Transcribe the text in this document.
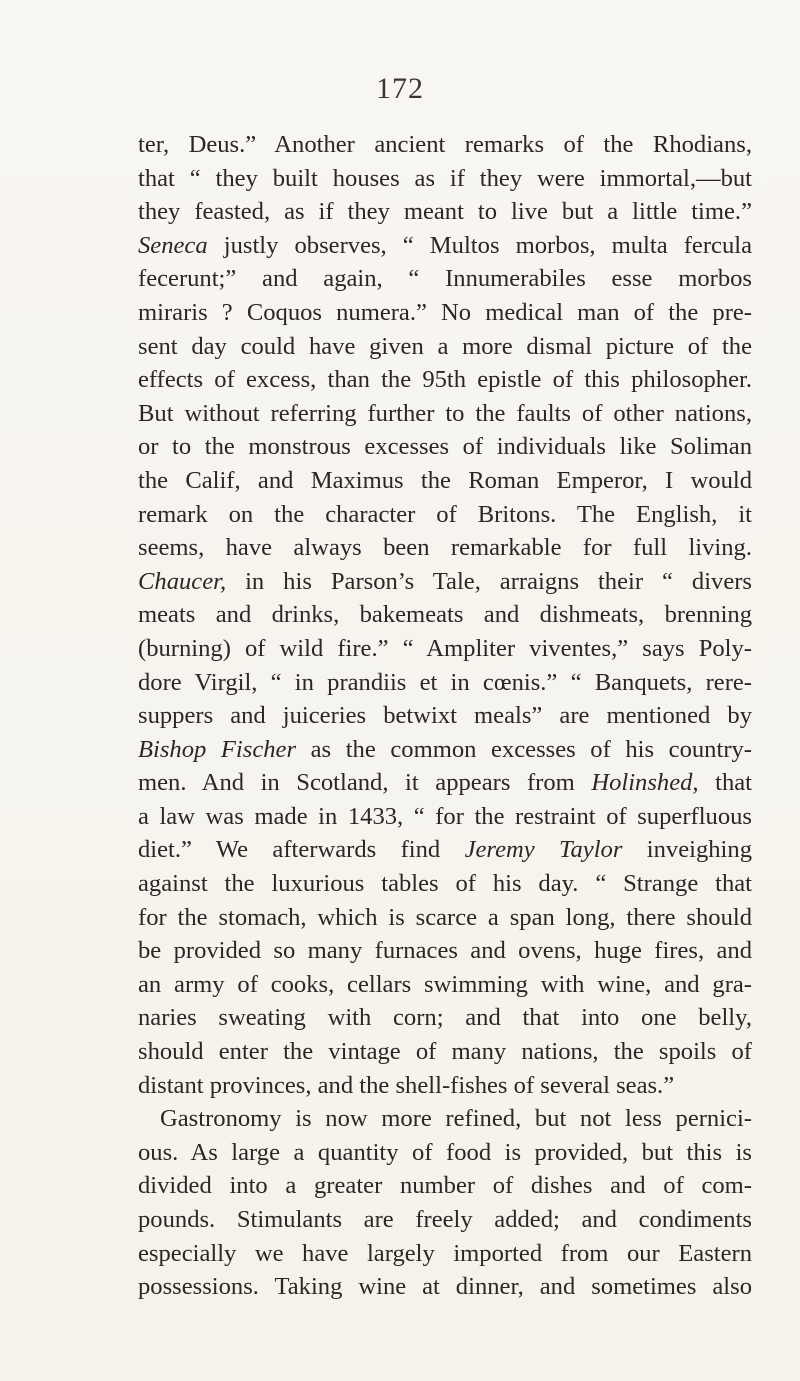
172
ter, Deus.” Another ancient remarks of the Rhodians,
that “ they built houses as if they were immortal,—but
they feasted, as if they meant to live but a little time.”
Seneca justly observes, “ Multos morbos, multa fercula
fecerunt;” and again, “ Innumerabiles esse morbos
miraris ? Coquos numera.” No medical man of the pre-
sent day could have given a more dismal picture of the
effects of excess, than the 95th epistle of this philosopher.
But without referring further to the faults of other nations,
or to the monstrous excesses of individuals like Soliman
the Calif, and Maximus the Roman Emperor, I would
remark on the character of Britons. The English, it
seems, have always been remarkable for full living.
Chaucer, in his Parson’s Tale, arraigns their “ divers
meats and drinks, bakemeats and dishmeats, brenning
(burning) of wild fire.” “ Ampliter viventes,” says Poly-
dore Virgil, “ in prandiis et in cœnis.” “ Banquets, rere-
suppers and juiceries betwixt meals” are mentioned by
Bishop Fischer as the common excesses of his country-
men. And in Scotland, it appears from Holinshed, that
a law was made in 1433, “ for the restraint of superfluous
diet.” We afterwards find Jeremy Taylor inveighing
against the luxurious tables of his day. “ Strange that
for the stomach, which is scarce a span long, there should
be provided so many furnaces and ovens, huge fires, and
an army of cooks, cellars swimming with wine, and gra-
naries sweating with corn; and that into one belly,
should enter the vintage of many nations, the spoils of
distant provinces, and the shell-fishes of several seas.”
Gastronomy is now more refined, but not less pernici-
ous. As large a quantity of food is provided, but this is
divided into a greater number of dishes and of com-
pounds. Stimulants are freely added; and condiments
especially we have largely imported from our Eastern
possessions. Taking wine at dinner, and sometimes also
